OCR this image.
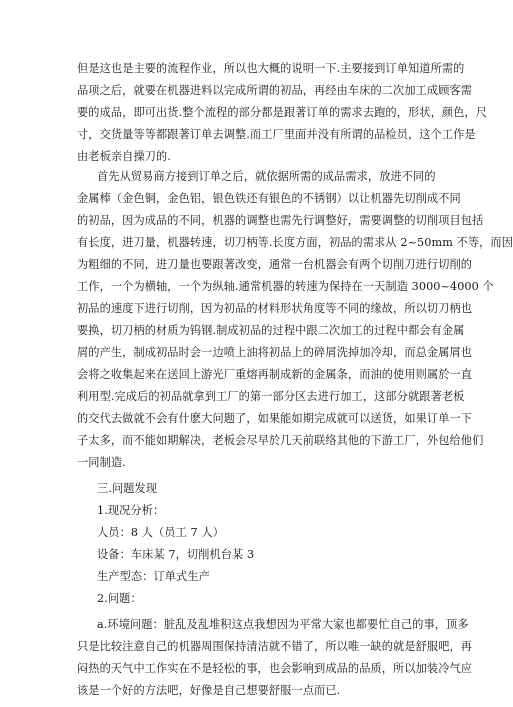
但是这也是主要的流程作业，所以也大概的说明一下.主要接到订单知道所需的
品项之后，就要在机器进料以完成所谓的初品，再经由车床的二次加工成顾客需
要的成品，即可出货.整个流程的部分都是跟著订单的需求去跑的，形状，颜色，尺
寸，交货量等等都跟著订单去调整.而工厂里面并没有所谓的品检员，这个工作是
由老板亲自操刀的.
首先从贸易商方接到订单之后，就依据所需的成品需求，放进不同的
金属棒（金色铜，金色铝，银色铁还有银色的不锈钢）以让机器先切削成不同
的初品，因为成品的不同，机器的调整也需先行调整好，需要调整的切削项目包括
有长度，进刀量，机器转速，切刀柄等.长度方面，初品的需求从 2~50mm 不等，而因
为粗细的不同，进刀量也要跟著改变，通常一台机器会有两个切削刀进行切削的
工作，一个为横轴，一个为纵轴.通常机器的转速为保持在一天制造 3000~4000 个
初品的速度下进行切削，因为初品的材料形状角度等不同的缘故，所以切刀柄也
要换，切刀柄的材质为钨钢.制成初品的过程中跟二次加工的过程中都会有金属
屑的产生，制成初品时会一边喷上油将初品上的碎屑洗掉加冷却，而总金属屑也
会将之收集起来在送回上游光厂重熔再制成新的金属条，而油的使用则属於一直
利用型.完成后的初品就拿到工厂的第一部分区去进行加工，这部分就跟著老板
的交代去做就不会有什麽大问题了，如果能如期完成就可以送货，如果订单一下
子太多，而不能如期解决，老板会尽早於几天前联络其他的下游工厂，外包给他们
一同制造.
三.问题发现
1.现况分析：
人员：8 人（员工 7 人）
设备：车床某 7，切削机台某 3
生产型态：订单式生产
2.问题：
a.环境问题：脏乱及乱堆积这点我想因为平常大家也都要忙自己的事，顶多
只是比较注意自己的机器周围保持清洁就不错了，所以唯一缺的就是舒服吧，再
闷热的天气中工作实在不是轻松的事，也会影响到成品的品质，所以加装冷气应
该是一个好的方法吧，好像是自己想要舒服一点而已.
